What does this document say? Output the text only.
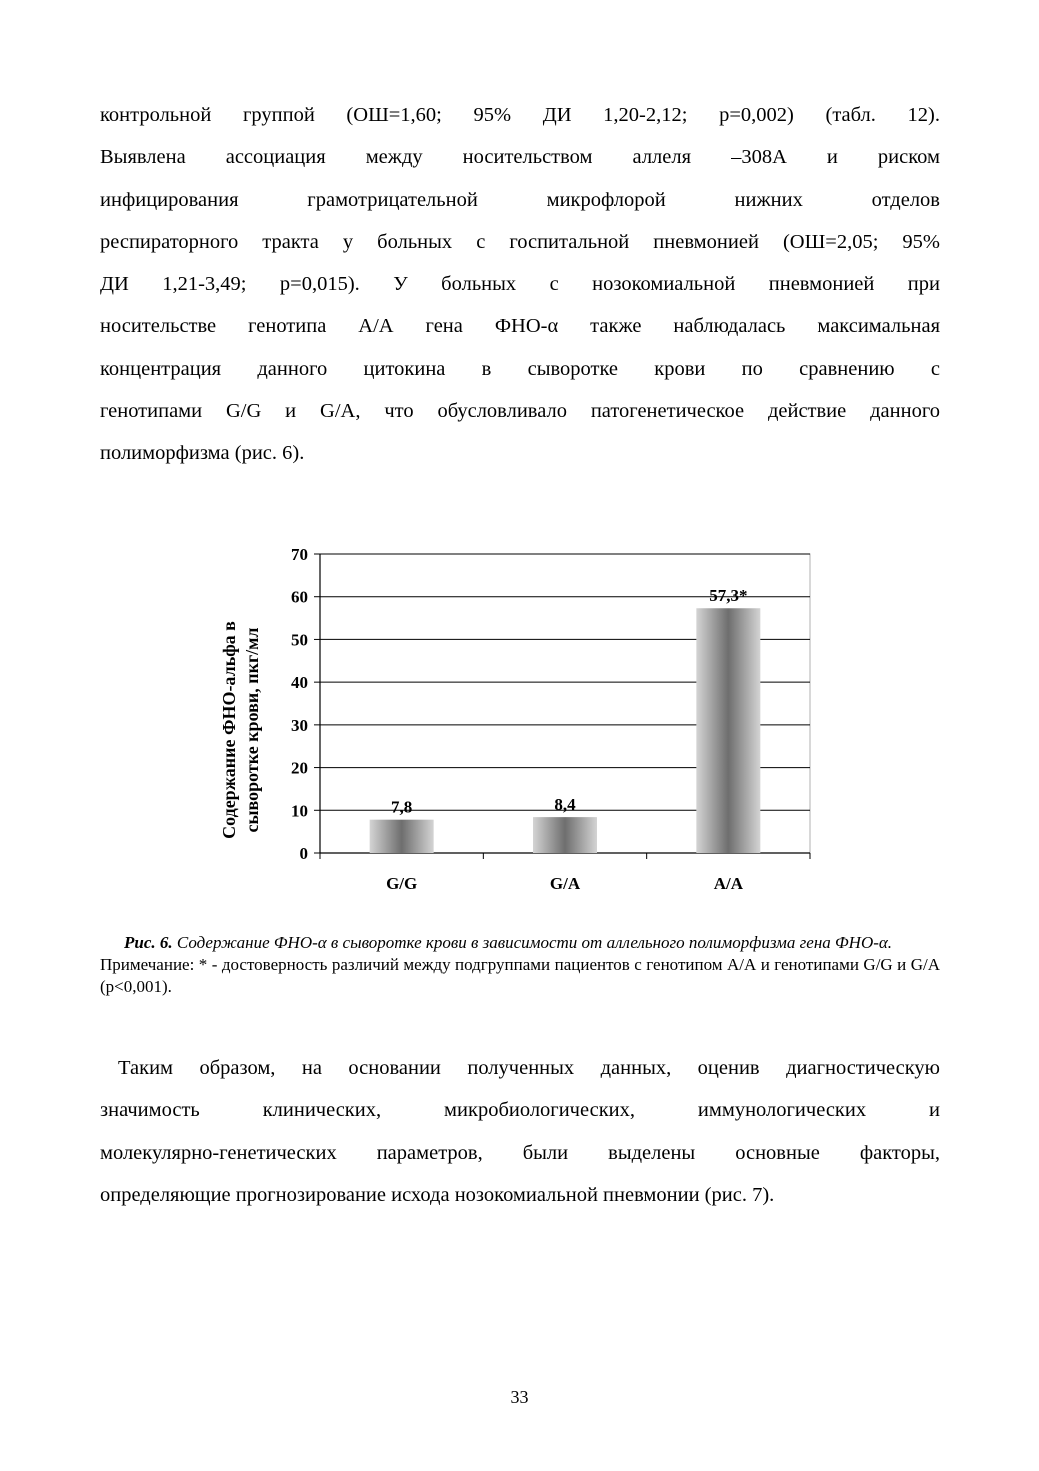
контрольной группой (ОШ=1,60; 95% ДИ 1,20-2,12; р=0,002) (табл. 12).

Выявлена ассоциация между носительством аллеля –308А и риском

инфицирования грамотрицательной микрофлорой нижних отделов

респираторного тракта у больных с госпитальной пневмонией (ОШ=2,05; 95%

ДИ 1,21-3,49; р=0,015). У больных с нозокомиальной пневмонией при

носительстве генотипа А/А гена ФНО-α также наблюдалась максимальная

концентрация данного цитокина в сыворотке крови по сравнению с

генотипами G/G и G/A, что обусловливало патогенетическое действие данного

полиморфизма (рис. 6).

0
10
20
30
40
50
60
70
7,8	8,4
57,3*
G/G	G/A	A/A
Содержание ФНО-альфа в сыворотке крови, пкг/мл
Рис. 6. Содержание ФНО-α в сыворотке крови в зависимости от аллельного полиморфизма гена ФНО-α.
Примечание: * - достоверность различий между подгруппами пациентов с генотипом А/А и генотипами G/G и G/A (p<0,001).

Таким образом, на основании полученных данных, оценив диагностическую

значимость клинических, микробиологических, иммунологических и

молекулярно-генетических параметров, были выделены основные факторы,

определяющие прогнозирование исхода нозокомиальной пневмонии (рис. 7).

33
